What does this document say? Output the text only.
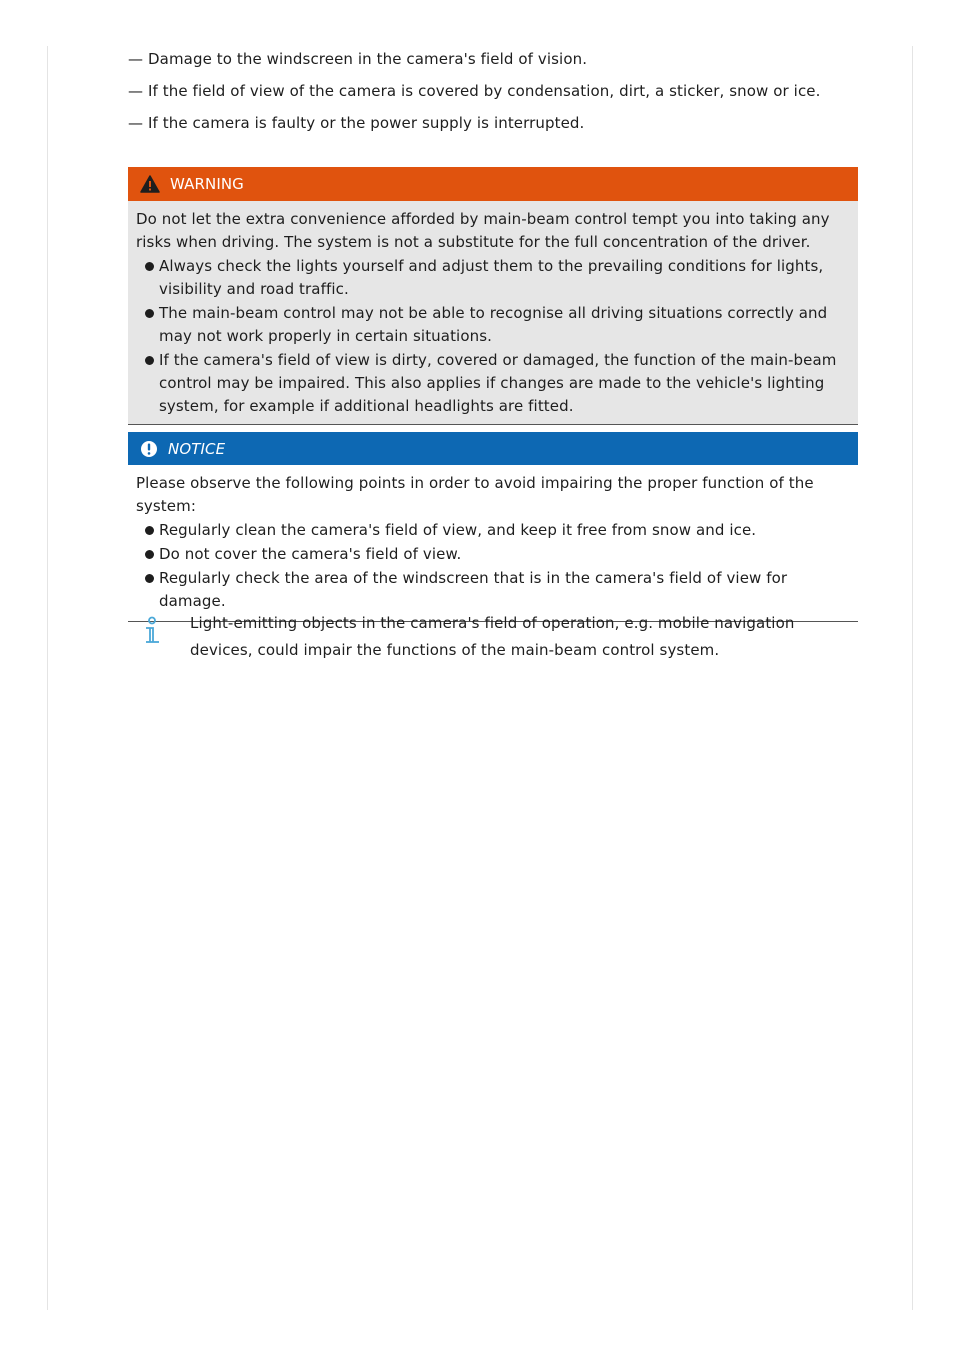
— Damage to the windscreen in the camera's field of vision.
— If the field of view of the camera is covered by condensation, dirt, a sticker, snow or ice.
— If the camera is faulty or the power supply is interrupted.
WARNING
Do not let the extra convenience afforded by main-beam control tempt you into taking any risks when driving. The system is not a substitute for the full concentration of the driver.
Always check the lights yourself and adjust them to the prevailing conditions for lights, visibility and road traffic.
The main-beam control may not be able to recognise all driving situations correctly and may not work properly in certain situations.
If the camera's field of view is dirty, covered or damaged, the function of the main-beam control may be impaired. This also applies if changes are made to the vehicle's lighting system, for example if additional headlights are fitted.
NOTICE
Please observe the following points in order to avoid impairing the proper function of the system:
Regularly clean the camera's field of view, and keep it free from snow and ice.
Do not cover the camera's field of view.
Regularly check the area of the windscreen that is in the camera's field of view for damage.
Light-emitting objects in the camera's field of operation, e.g. mobile navigation devices, could impair the functions of the main-beam control system.
